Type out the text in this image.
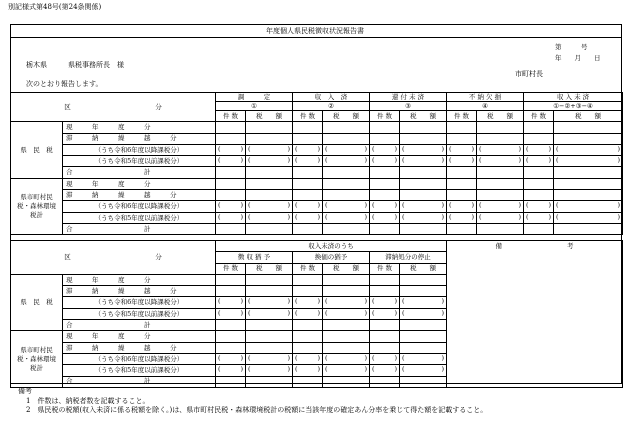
別記様式第48号(第24条関係)
年度個人県民税徴収状況報告書
第　　　号
年　　月　　日
栃木県　　　県税事務所長　様
市町村長
次のとおり報告します。
区　　　　　　　　　　　　　分		調　　　定		収　入　済		還 付 未 済		不 納 欠 損		収 入 未 済	
		①		②		③		④		①−②+③−④	
		件 数	税　　額	件 数	税　　額	件 数	税　　額	件 数	税　　額	件 数	税　　額
県　民　税	現　　　年　　　度　　　分										
	滞　　　納　　　繰　　　越　　　分										
	（うち令和6年度以降課税分）	( )	( )	( )	( )	( )	( )	( )	( )	( )	( )

	（うち令和5年度以前課税分）	( )	( )	( )	( )	( )	( )	( )	( )	( )	( )

	合　　　　　　　　　　　計										
県市町村民税・森林環境税計	現　　　年　　　度　　　分										
	滞　　　納　　　繰　　　越　　　分										
	（うち令和6年度以降課税分）	( )	( )	( )	( )	( )	( )	( )	( )	( )	( )

	（うち令和5年度以前課税分）	( )	( )	( )	( )	( )	( )	( )	( )	( )	( )

	合　　　　　　　　　　　計										
区　　　　　　　　　　　　　分		収入未済のうち						備　　　　　　　　　　考
		徴 収 猶 予		換価の猶予		滞納処分の停止		
		件 数	税　　額	件 数	税　　額	件 数	税　　額	
県　民　税	現　　　年　　　度　　　分							
	滞　　　納　　　繰　　　越　　　分							
	（うち令和6年度以降課税分）	( )	( )	( )	( )	( )	( )	

	（うち令和5年度以前課税分）	( )	( )	( )	( )	( )	( )	

	合　　　　　　　　　　　計							
県市町村民税・森林環境税計	現　　　年　　　度　　　分							
	滞　　　納　　　繰　　　越　　　分							
	（うち令和6年度以降課税分）	( )	( )	( )	( )	( )	( )	

	（うち令和5年度以前課税分）	( )	( )	( )	( )	( )	( )	

	合　　　　　　　　　　　計							
備考
1　件数は、納税者数を記載すること。
2　県民税の税額(収入未済に係る税額を除く。)は、県市町村民税・森林環境税計の税額に当該年度の確定あん分率を乗じて得た額を記載すること。
